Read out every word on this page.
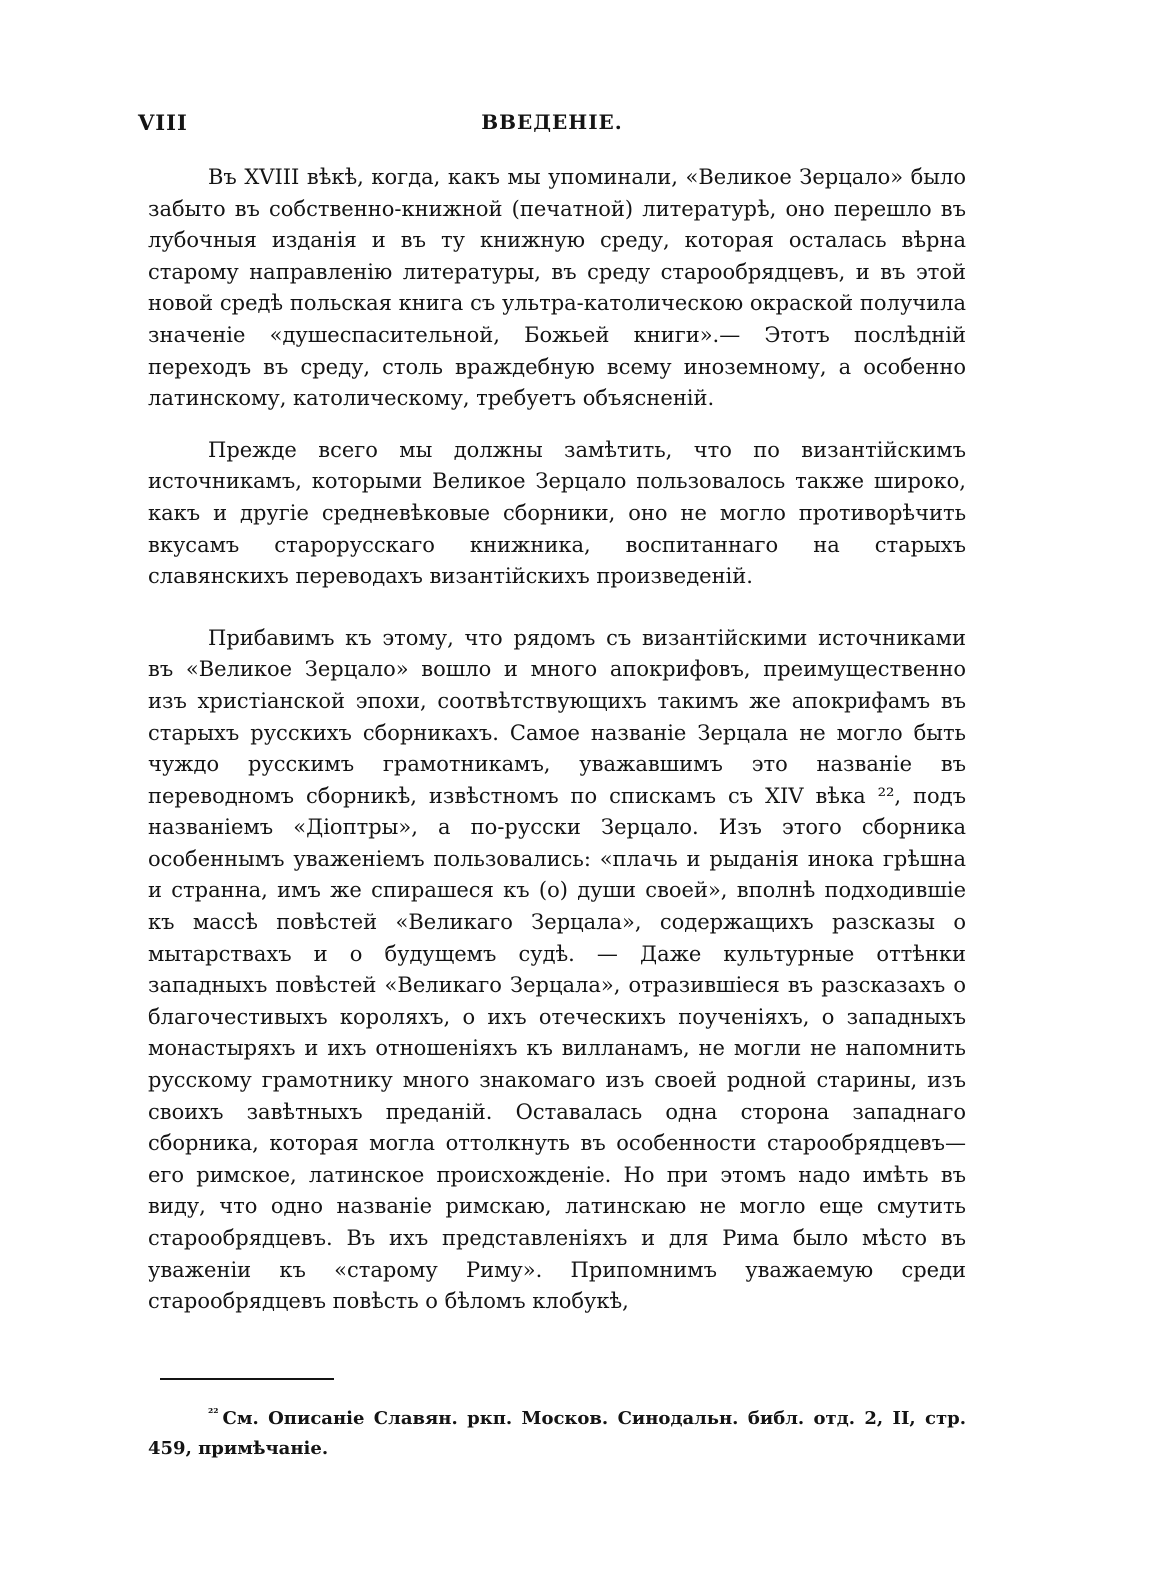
VIII	ВВЕДЕНІЕ.

Въ XVIII вѣкѣ, когда, какъ мы упоминали, «Великое Зерцало» было забыто въ собственно-книжной (печатной) литературѣ, оно перешло въ лубочныя изданія и въ ту книжную среду, которая осталась вѣрна старому направленію литературы, въ среду старообрядцевъ, и въ этой новой средѣ польская книга съ ультра-католическою окраской получила значеніе «душеспасительной, Божьей книги».— Этотъ послѣдній переходъ въ среду, столь враждебную всему иноземному, а особенно латинскому, католическому, требуетъ объясненій.

Прежде всего мы должны замѣтить, что по византійскимъ источникамъ, которыми Великое Зерцало пользовалось также широко, какъ и другіе средневѣковые сборники, оно не могло противорѣчить вкусамъ старорусскаго книжника, воспитаннаго на старыхъ славянскихъ переводахъ византійскихъ произведеній.

Прибавимъ къ этому, что рядомъ съ византійскими источниками въ «Великое Зерцало» вошло и много апокрифовъ, преимущественно изъ христіанской эпохи, соотвѣтствующихъ такимъ же апокрифамъ въ старыхъ русскихъ сборникахъ. Самое названіе Зерцала не могло быть чуждо русскимъ грамотникамъ, уважавшимъ это названіе въ переводномъ сборникѣ, извѣстномъ по спискамъ съ XIV вѣка ²², подъ названіемъ «Діоптры», а по-русски Зерцало. Изъ этого сборника особеннымъ уваженіемъ пользовались: «плачь и рыданія инока грѣшна и странна, имъ же спирашеся къ (о) души своей», вполнѣ подходившіе къ массѣ повѣстей «Великаго Зерцала», содержащихъ разсказы о мытарствахъ и о будущемъ судѣ. — Даже культурные оттѣнки западныхъ повѣстей «Великаго Зерцала», отразившіеся въ разсказахъ о благочестивыхъ короляхъ, о ихъ отеческихъ поученіяхъ, о западныхъ монастыряхъ и ихъ отношеніяхъ къ вилланамъ, не могли не напомнить русскому грамотнику много знакомаго изъ своей родной старины, изъ своихъ завѣтныхъ преданій. Оставалась одна сторона западнаго сборника, которая могла оттолкнуть въ особенности старообрядцевъ—его римское, латинское происхожденіе. Но при этомъ надо имѣть въ виду, что одно названіе римскаю, латинскаю не могло еще смутить старообрядцевъ. Въ ихъ представленіяхъ и для Рима было мѣсто въ уваженіи къ «старому Риму». Припомнимъ уважаемую среди старообрядцевъ повѣсть о бѣломъ клобукѣ,

$^{^{22}}$ См. Описаніе Славян. ркп. Москов. Синодальн. библ. отд. 2, II, стр. 459, примѣчаніе.
